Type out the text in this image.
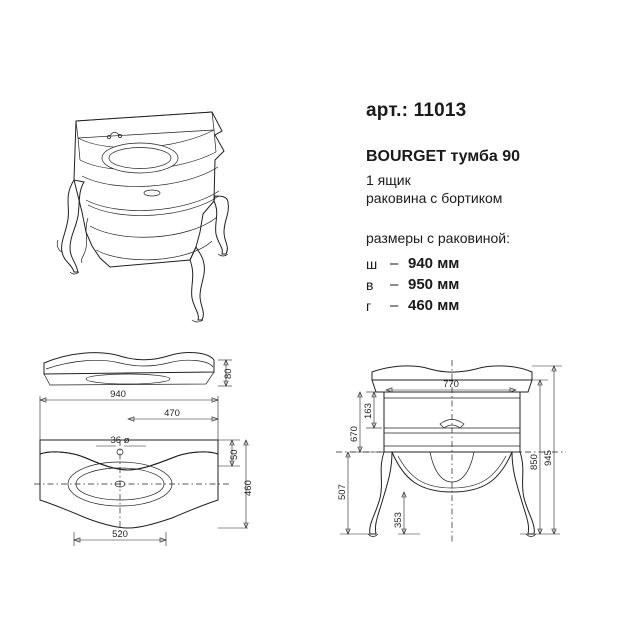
арт.: 11013
BOURGET тумба 90
1 ящик
раковина с бортиком
размеры с раковиной:
ш	–	940 мм
в	–	950 мм
г	–	460 мм
80
940
470
36 ø
50
460
520
770
163
670
507
353
850 945
